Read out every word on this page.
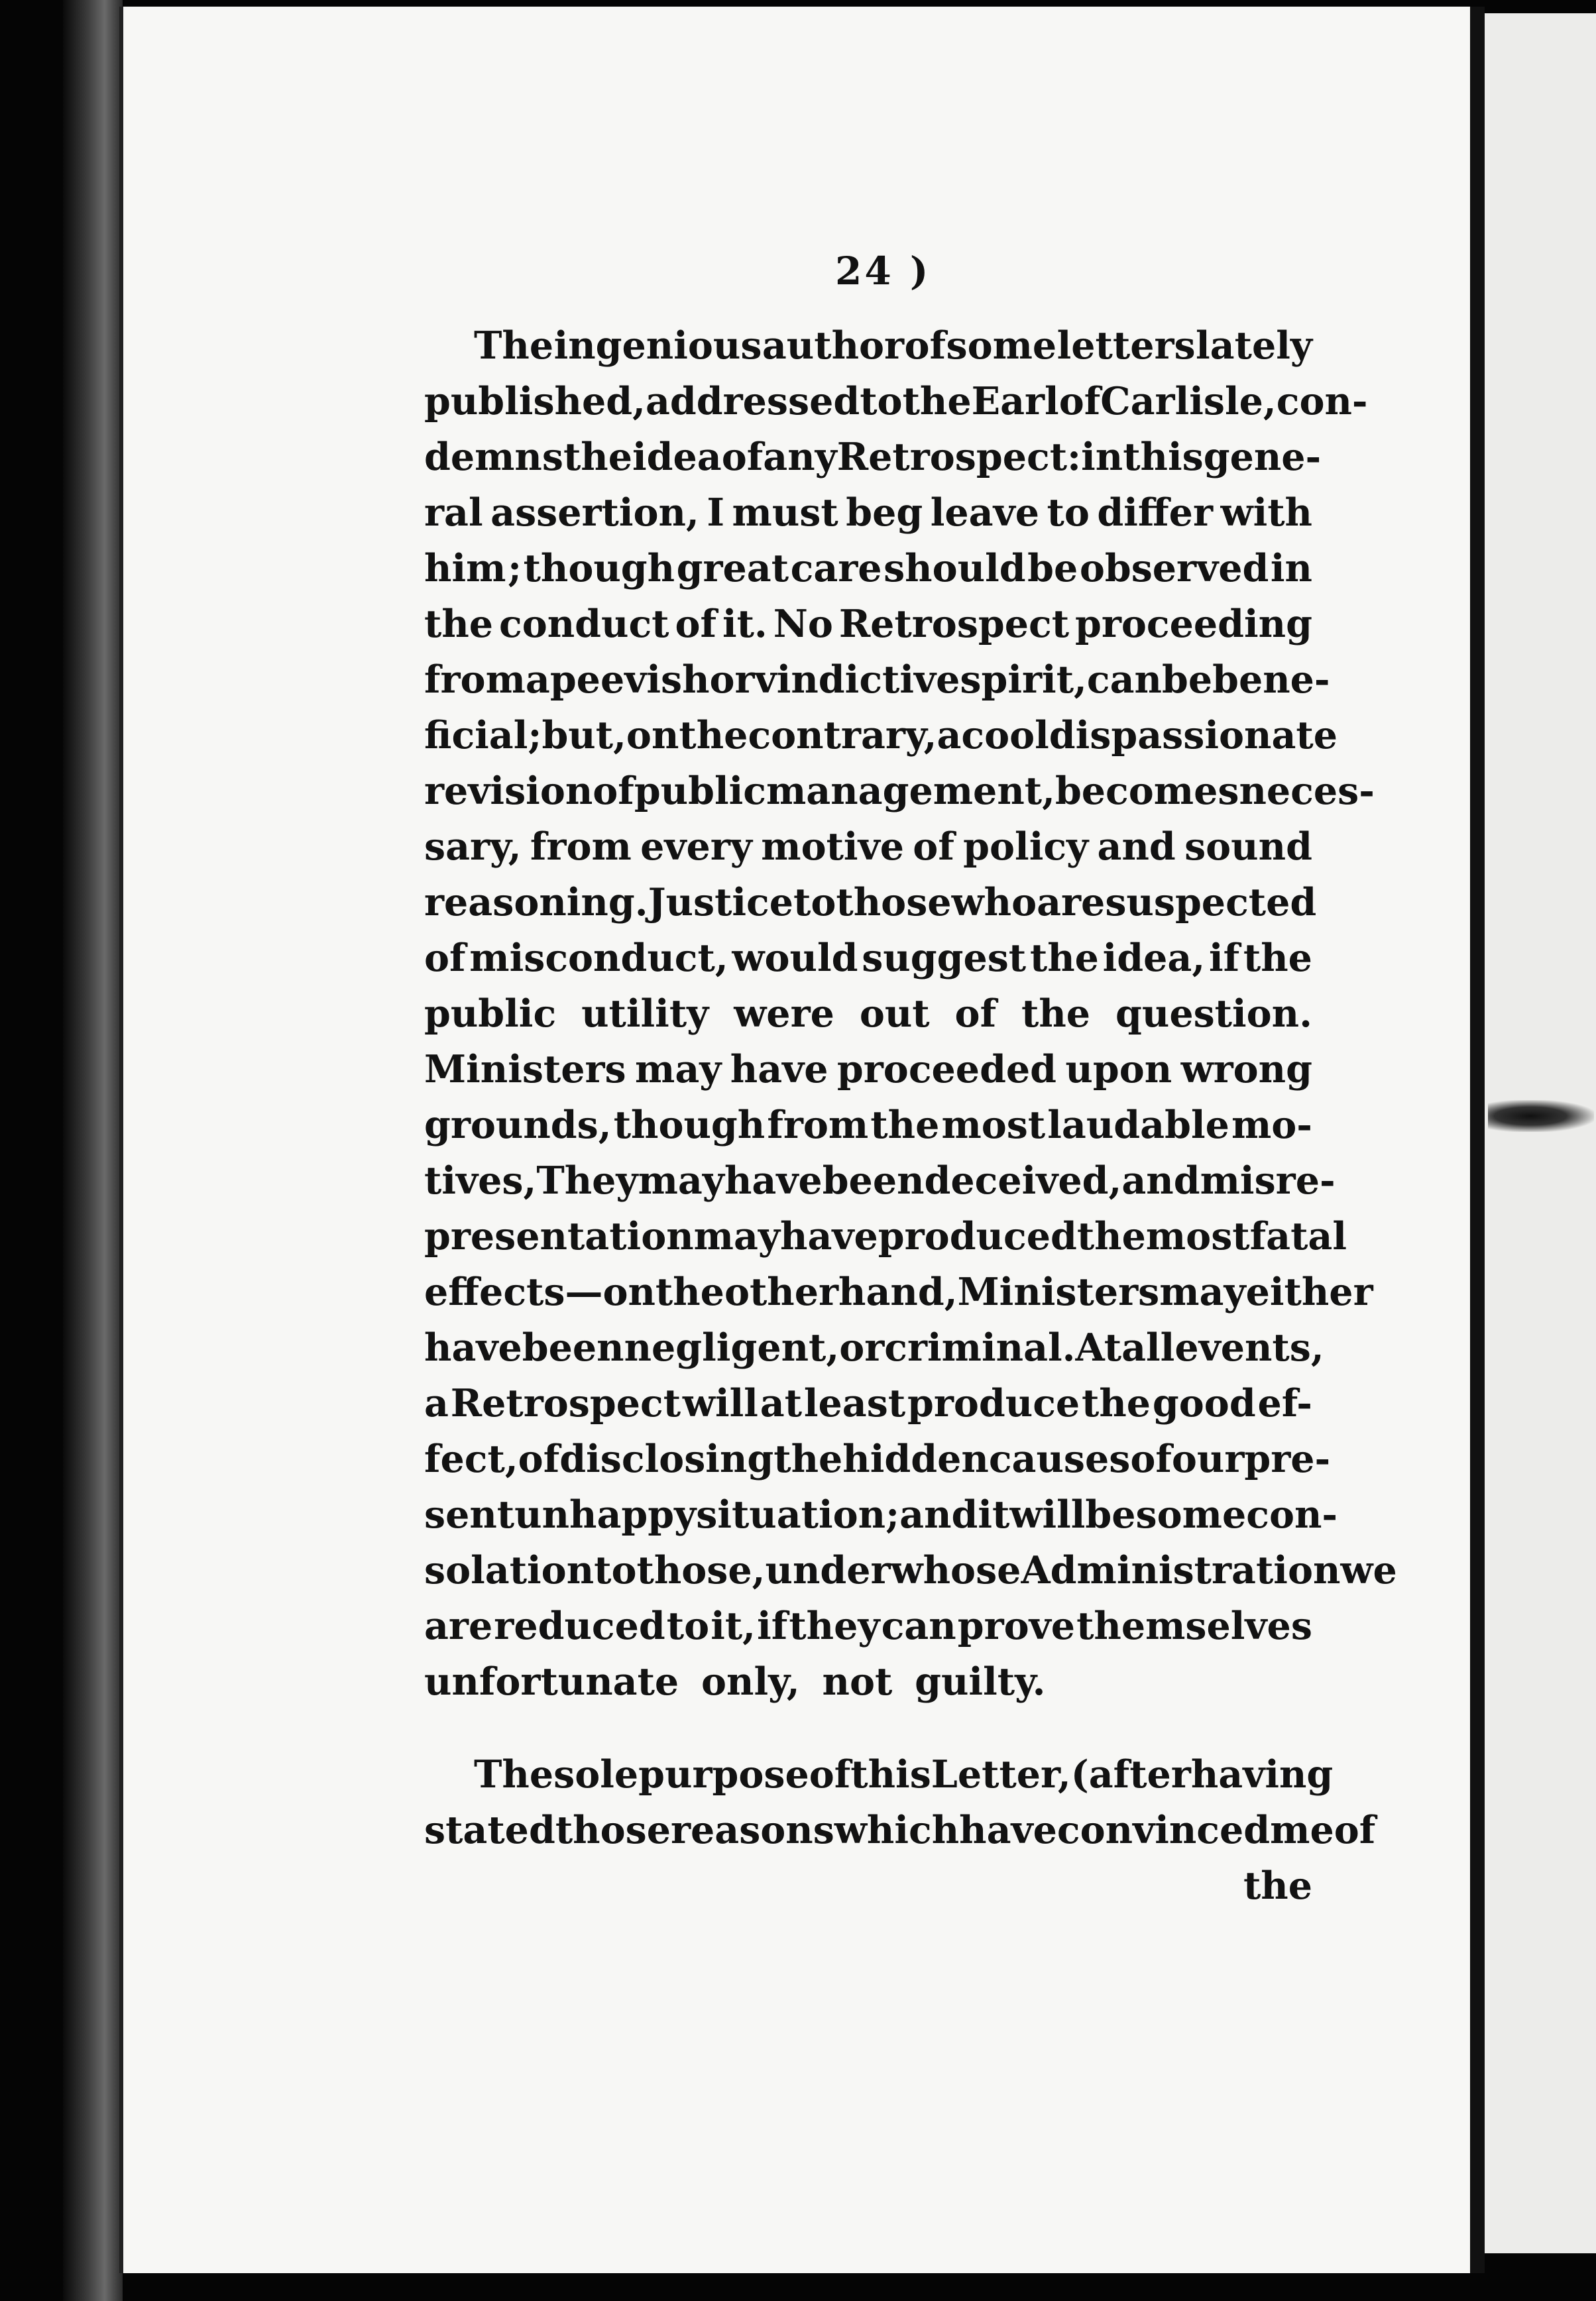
24 )
The ingenious author of some letters lately
published, addressed to the Earl of Carlisle, con-
demns the idea of any Retrospect : in this gene-
ral assertion, I must beg leave to differ with
him ; though great care should be observed in
the conduct of it. No Retrospect proceeding
from a peevish or vindictive spirit, can be bene-
ficial ; but, on the contrary, a cool dispassionate
revision of public management, becomes neces-
sary, from every motive of policy and sound
reasoning. Justice to those who are suspected
of misconduct, would suggest the idea, if the
public utility were out of the question.
Ministers may have proceeded upon wrong
grounds, though from the most laudable mo-
tives, They may have been deceived, and misre-
presentation may have produced the most fatal
effects—on the other hand, Ministers may either
have been negligent, or criminal. At all events,
a Retrospect will at least produce the good ef-
fect, of disclosing the hidden causes of our pre-
sent unhappy situation ; and it will be some con-
solation to those, under whose Administration we
are reduced to it, if they can prove themselves
unfortunate only, not guilty.
The sole purpose of this Letter, (after having
stated those reasons which have convinced me of
the
